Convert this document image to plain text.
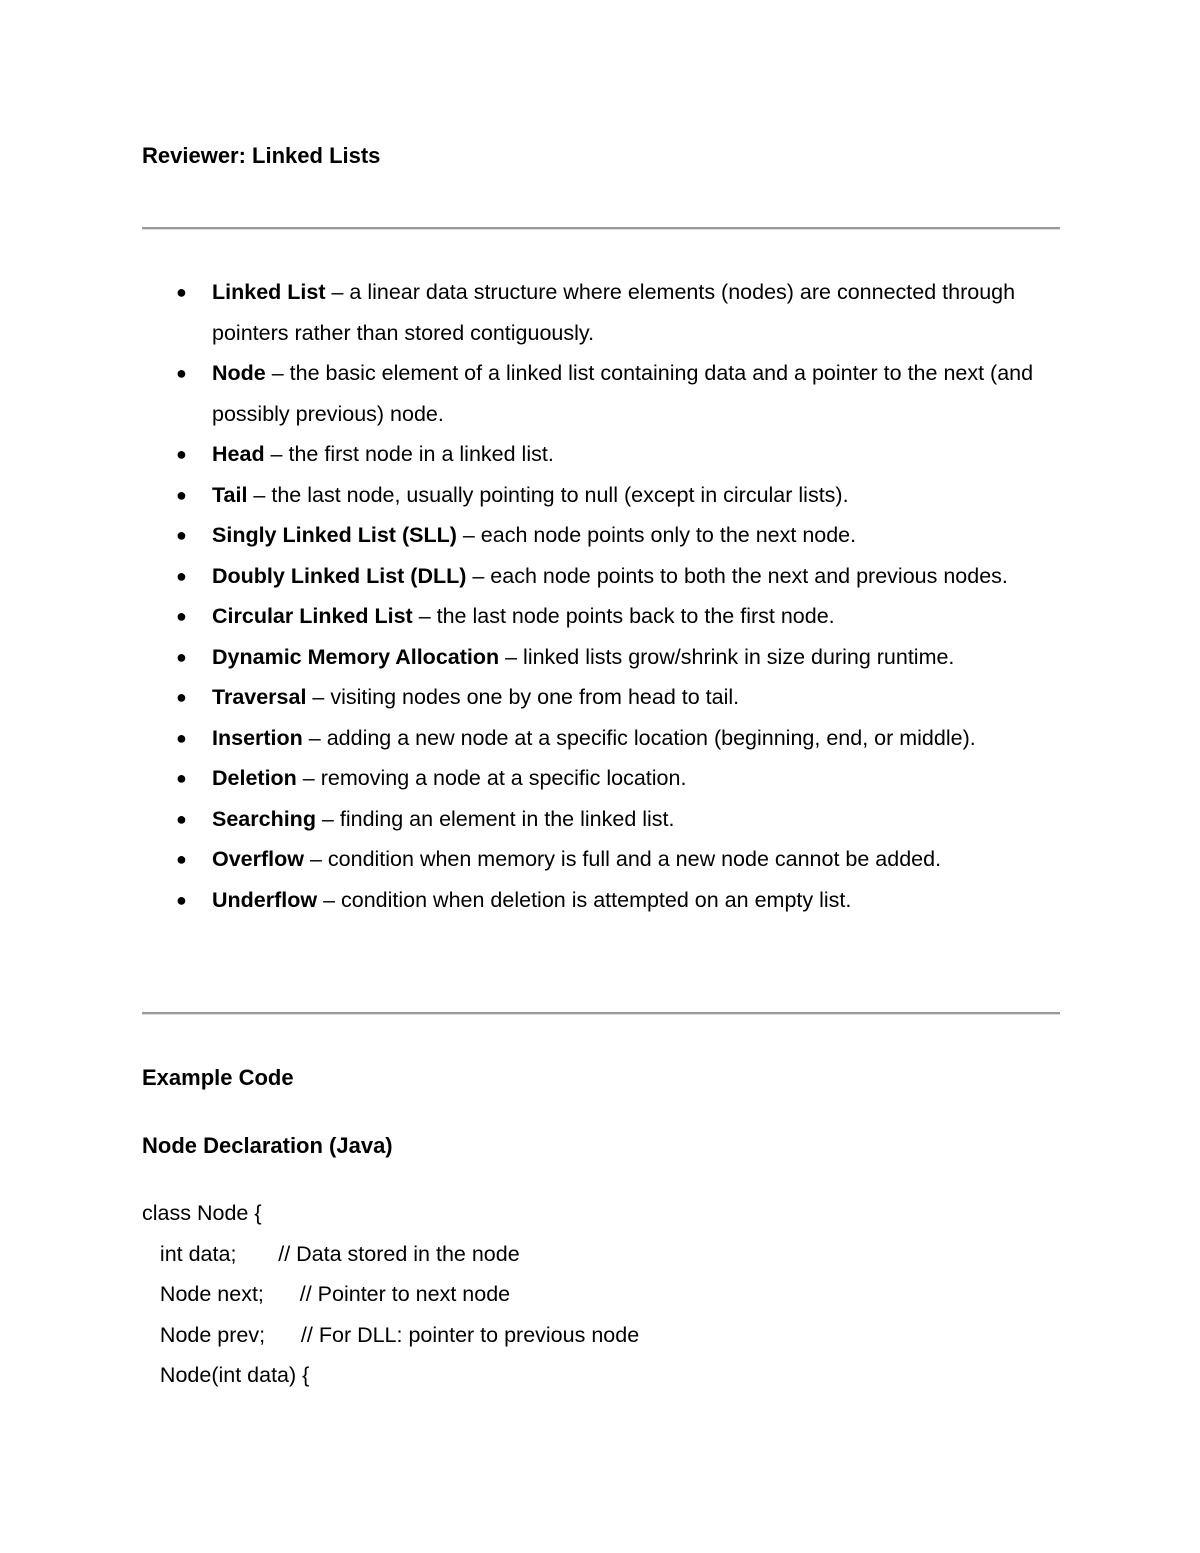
Reviewer: Linked Lists
● Linked List – a linear data structure where elements (nodes) are connected through pointers rather than stored contiguously.
● Node – the basic element of a linked list containing data and a pointer to the next (and possibly previous) node.
● Head – the first node in a linked list.
● Tail – the last node, usually pointing to null (except in circular lists).
● Singly Linked List (SLL) – each node points only to the next node.
● Doubly Linked List (DLL) – each node points to both the next and previous nodes.
● Circular Linked List – the last node points back to the first node.
● Dynamic Memory Allocation – linked lists grow/shrink in size during runtime.
● Traversal – visiting nodes one by one from head to tail.
● Insertion – adding a new node at a specific location (beginning, end, or middle).
● Deletion – removing a node at a specific location.
● Searching – finding an element in the linked list.
● Overflow – condition when memory is full and a new node cannot be added.
● Underflow – condition when deletion is attempted on an empty list.
Example Code
Node Declaration (Java)
class Node {
int data;       // Data stored in the node
Node next;      // Pointer to next node
Node prev;      // For DLL: pointer to previous node
Node(int data) {
